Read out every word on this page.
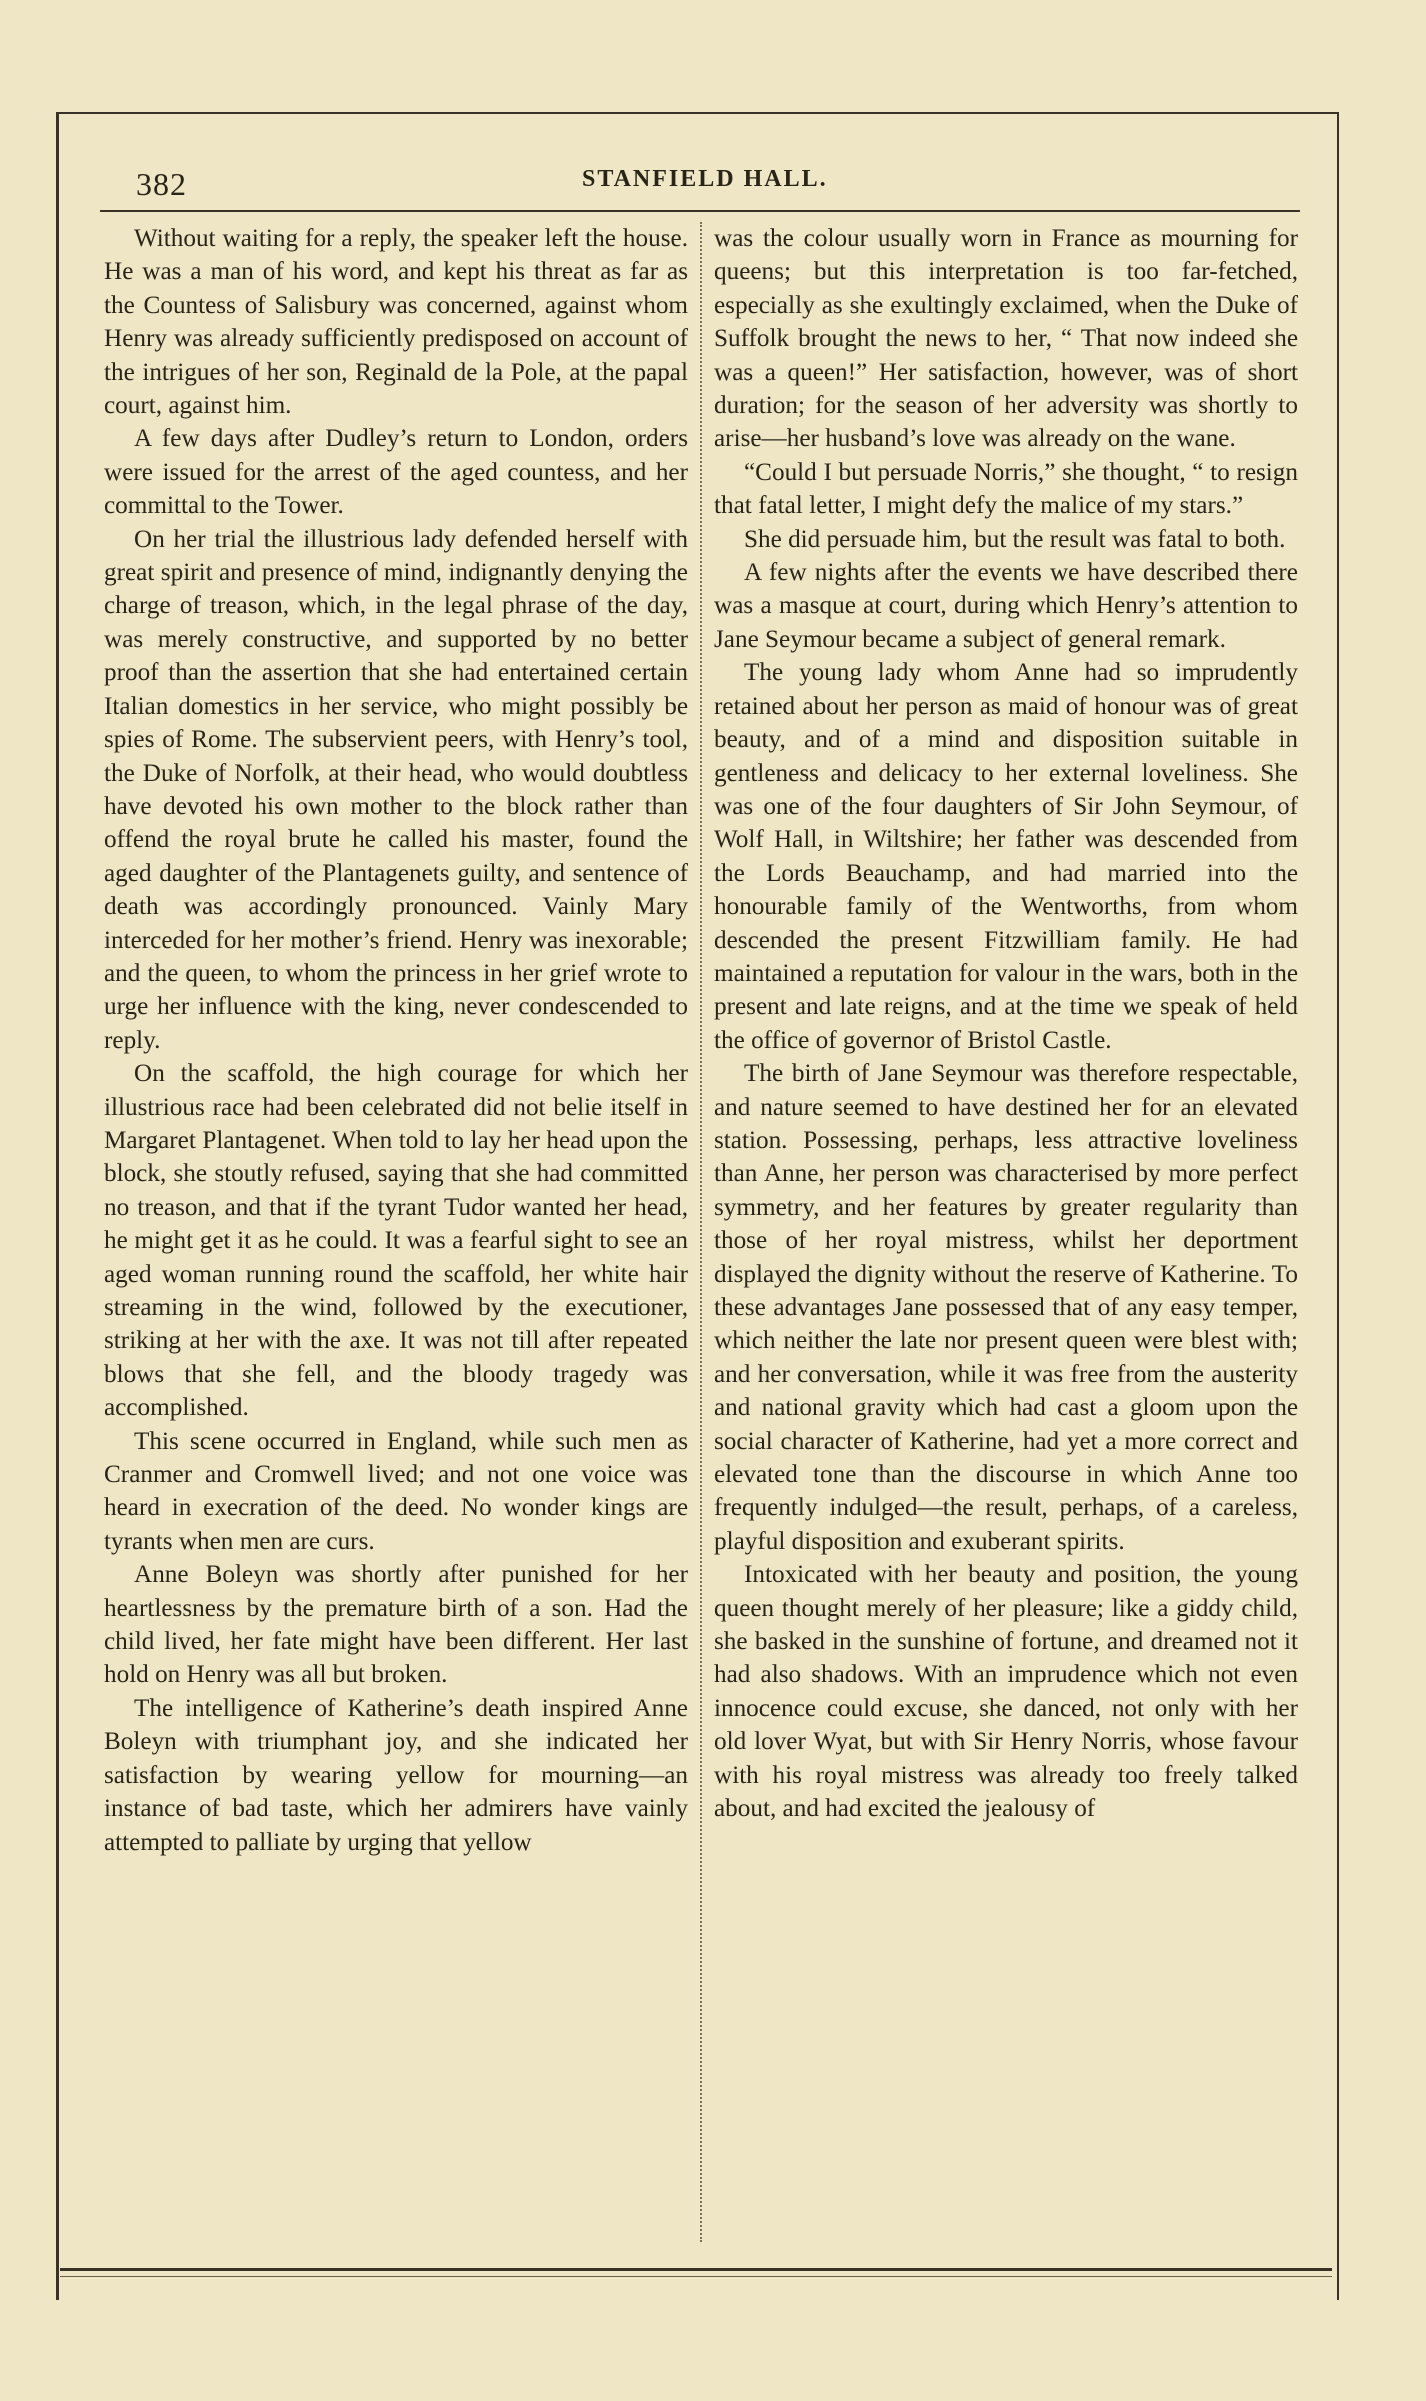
382	STANFIELD HALL.

Without waiting for a reply, the speaker left the house. He was a man of his word, and kept his threat as far as the Countess of Salisbury was concerned, against whom Henry was already sufficiently predisposed on account of the intrigues of her son, Reginald de la Pole, at the papal court, against him.

A few days after Dudley’s return to London, orders were issued for the arrest of the aged countess, and her committal to the Tower.

On her trial the illustrious lady defended herself with great spirit and presence of mind, indignantly denying the charge of treason, which, in the legal phrase of the day, was merely constructive, and supported by no better proof than the assertion that she had entertained certain Italian domestics in her service, who might possibly be spies of Rome. The subservient peers, with Henry’s tool, the Duke of Norfolk, at their head, who would doubtless have devoted his own mother to the block rather than offend the royal brute he called his master, found the aged daughter of the Plantagenets guilty, and sentence of death was accordingly pronounced. Vainly Mary interceded for her mother’s friend. Henry was inexorable; and the queen, to whom the princess in her grief wrote to urge her influence with the king, never condescended to reply.

On the scaffold, the high courage for which her illustrious race had been celebrated did not belie itself in Margaret Plantagenet. When told to lay her head upon the block, she stoutly refused, saying that she had committed no treason, and that if the tyrant Tudor wanted her head, he might get it as he could. It was a fearful sight to see an aged woman running round the scaffold, her white hair streaming in the wind, followed by the executioner, striking at her with the axe. It was not till after repeated blows that she fell, and the bloody tragedy was accomplished.

This scene occurred in England, while such men as Cranmer and Cromwell lived; and not one voice was heard in execration of the deed. No wonder kings are tyrants when men are curs.

Anne Boleyn was shortly after punished for her heartlessness by the premature birth of a son. Had the child lived, her fate might have been different. Her last hold on Henry was all but broken.

The intelligence of Katherine’s death inspired Anne Boleyn with triumphant joy, and she indicated her satisfaction by wearing yellow for mourning—an instance of bad taste, which her admirers have vainly attempted to palliate by urging that yellow

was the colour usually worn in France as mourning for queens; but this interpretation is too far-fetched, especially as she exultingly exclaimed, when the Duke of Suffolk brought the news to her, “ That now indeed she was a queen!” Her satisfaction, however, was of short duration; for the season of her adversity was shortly to arise—her husband’s love was already on the wane.

“Could I but persuade Norris,” she thought, “ to resign that fatal letter, I might defy the malice of my stars.”

She did persuade him, but the result was fatal to both.

A few nights after the events we have described there was a masque at court, during which Henry’s attention to Jane Seymour became a subject of general remark.

The young lady whom Anne had so imprudently retained about her person as maid of honour was of great beauty, and of a mind and disposition suitable in gentleness and delicacy to her external loveliness. She was one of the four daughters of Sir John Seymour, of Wolf Hall, in Wiltshire; her father was descended from the Lords Beauchamp, and had married into the honourable family of the Wentworths, from whom descended the present Fitzwilliam family. He had maintained a reputation for valour in the wars, both in the present and late reigns, and at the time we speak of held the office of governor of Bristol Castle.

The birth of Jane Seymour was therefore respectable, and nature seemed to have destined her for an elevated station. Possessing, perhaps, less attractive loveliness than Anne, her person was characterised by more perfect symmetry, and her features by greater regularity than those of her royal mistress, whilst her deportment displayed the dignity without the reserve of Katherine. To these advantages Jane possessed that of any easy temper, which neither the late nor present queen were blest with; and her conversation, while it was free from the austerity and national gravity which had cast a gloom upon the social character of Katherine, had yet a more correct and elevated tone than the discourse in which Anne too frequently indulged—the result, perhaps, of a careless, playful disposition and exuberant spirits.

Intoxicated with her beauty and position, the young queen thought merely of her pleasure; like a giddy child, she basked in the sunshine of fortune, and dreamed not it had also shadows. With an imprudence which not even innocence could excuse, she danced, not only with her old lover Wyat, but with Sir Henry Norris, whose favour with his royal mistress was already too freely talked about, and had excited the jealousy of
